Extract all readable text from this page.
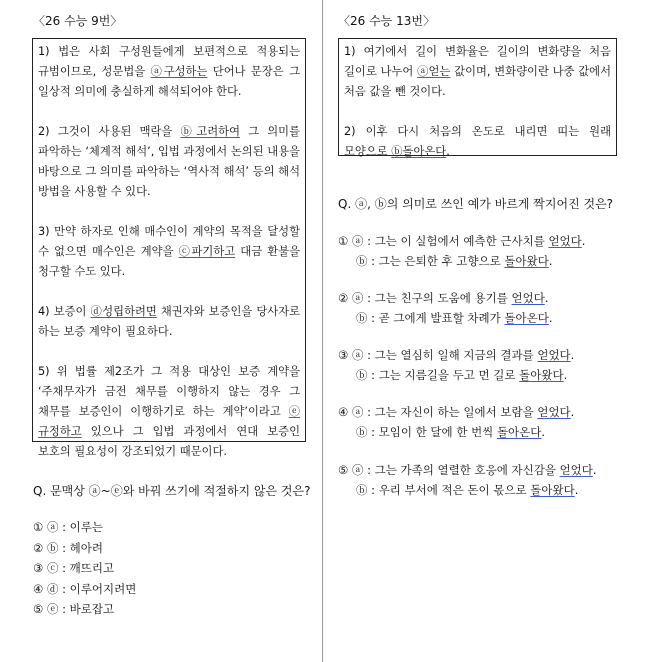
〈26 수능 9번〉
1) 법은 사회 구성원들에게 보편적으로 적용되는 규범이므로, 성문법을 ⓐ구성하는 단어나 문장은 그 일상적 의미에 충실하게 해석되어야 한다.
2) 그것이 사용된 맥락을 ⓑ고려하여 그 의미를 파악하는 ‘체계적 해석’, 입법 과정에서 논의된 내용을 바탕으로 그 의미를 파악하는 ‘역사적 해석’ 등의 해석 방법을 사용할 수 있다.
3) 만약 하자로 인해 매수인이 계약의 목적을 달성할 수 없으면 매수인은 계약을 ⓒ파기하고 대금 환불을 청구할 수도 있다.
4) 보증이 ⓓ성립하려면 채권자와 보증인을 당사자로 하는 보증 계약이 필요하다.
5) 위 법률 제2조가 그 적용 대상인 보증 계약을 ‘주채무자가 금전 채무를 이행하지 않는 경우 그 채무를 보증인이 이행하기로 하는 계약’이라고 ⓔ규정하고 있으나 그 입법 과정에서 연대 보증인 보호의 필요성이 강조되었기 때문이다.
Q. 문맥상 ⓐ~ⓔ와 바꿔 쓰기에 적절하지 않은 것은?
① ⓐ : 이루는
② ⓑ : 헤아려
③ ⓒ : 깨뜨리고
④ ⓓ : 이루어지려면
⑤ ⓔ : 바로잡고
〈26 수능 13번〉
1) 여기에서 길이 변화율은 길이의 변화량을 처음 길이로 나누어 ⓐ얻는 값이며, 변화량이란 나중 값에서 처음 값을 뺀 것이다.
2) 이후 다시 처음의 온도로 내리면 띠는 원래 모양으로 ⓑ돌아온다.
Q. ⓐ, ⓑ의 의미로 쓰인 예가 바르게 짝지어진 것은?
① ⓐ : 그는 이 실험에서 예측한 근사치를 얻었다.
ⓑ : 그는 은퇴한 후 고향으로 돌아왔다.
② ⓐ : 그는 친구의 도움에 용기를 얻었다.
ⓑ : 곧 그에게 발표할 차례가 돌아온다.
③ ⓐ : 그는 열심히 일해 지금의 결과를 얻었다.
ⓑ : 그는 지름길을 두고 먼 길로 돌아왔다.
④ ⓐ : 그는 자신이 하는 일에서 보람을 얻었다.
ⓑ : 모임이 한 달에 한 번씩 돌아온다.
⑤ ⓐ : 그는 가족의 열렬한 호응에 자신감을 얻었다.
ⓑ : 우리 부서에 적은 돈이 몫으로 돌아왔다.
